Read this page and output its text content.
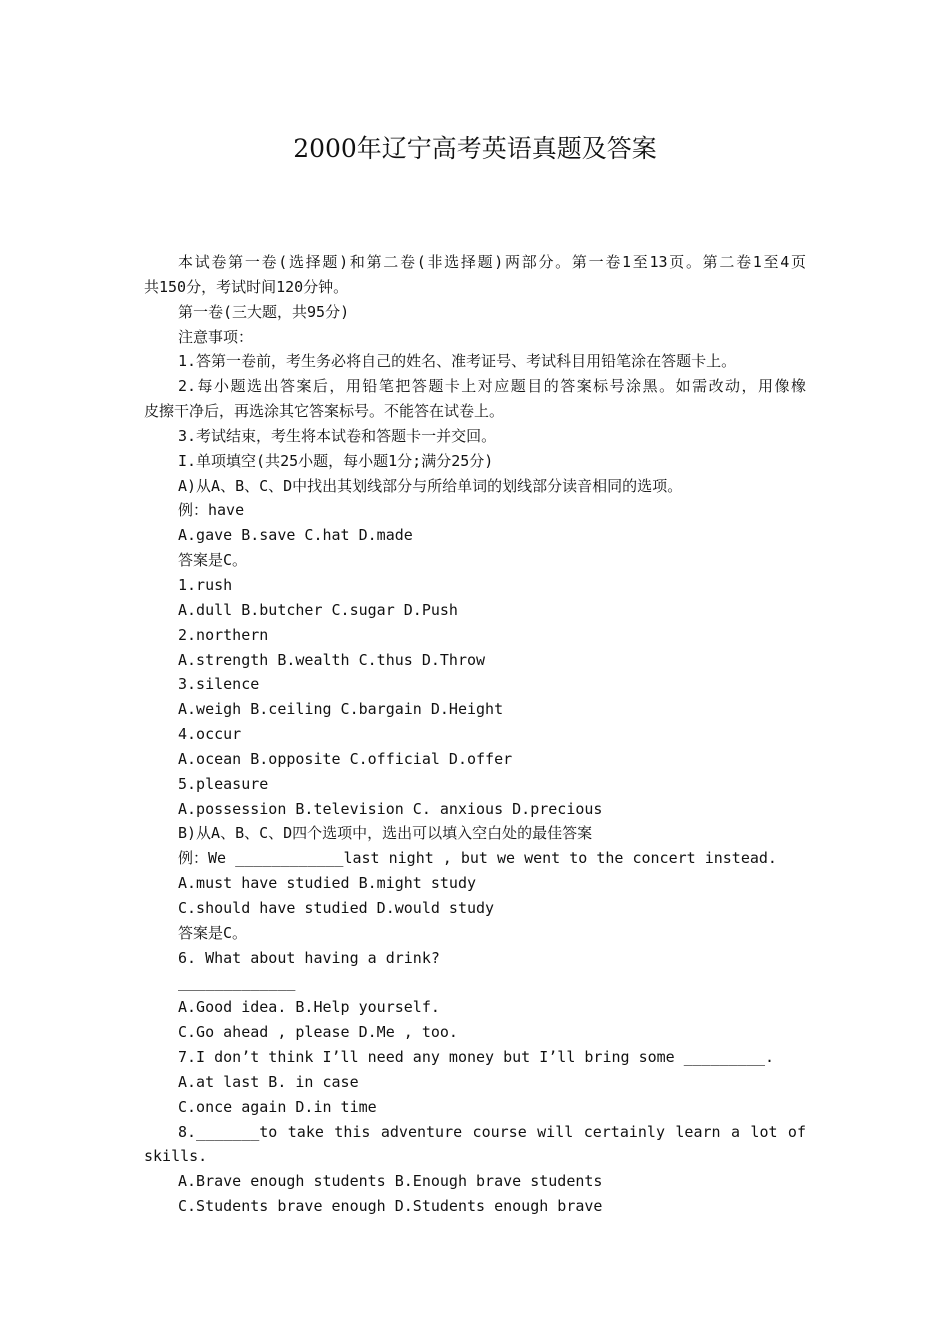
2000年辽宁高考英语真题及答案
本试卷第一卷(选择题)和第二卷(非选择题)两部分。第一卷1至13页。第二卷1至4页
共150分，考试时间120分钟。
第一卷(三大题，共95分)
注意事项：
1.答第一卷前，考生务必将自己的姓名、准考证号、考试科目用铅笔涂在答题卡上。
2.每小题选出答案后，用铅笔把答题卡上对应题目的答案标号涂黑。如需改动，用像橡
皮擦干净后，再选涂其它答案标号。不能答在试卷上。
3.考试结束，考生将本试卷和答题卡一并交回。
I.单项填空(共25小题，每小题1分;满分25分)
A)从A、B、C、D中找出其划线部分与所给单词的划线部分读音相同的选项。
例：have
A.gave B.save C.hat D.made
答案是C。
1.rush
A.dull B.butcher C.sugar D.Push
2.northern
A.strength B.wealth C.thus D.Throw
3.silence
A.weigh B.ceiling C.bargain D.Height
4.occur
A.ocean B.opposite C.official D.offer
5.pleasure
A.possession B.television C. anxious D.precious
B)从A、B、C、D四个选项中，选出可以填入空白处的最佳答案
例：We ____________last night , but we went to the concert instead.
A.must have studied B.might study
C.should have studied D.would study
答案是C。
6. What about having a drink?
_____________
A.Good idea. B.Help yourself.
C.Go ahead , please D.Me , too.
7.I don’t think I’ll need any money but I’ll bring some _________.
A.at last B. in case
C.once again D.in time
8._______to take this adventure course will certainly learn a lot of
skills.
A.Brave enough students B.Enough brave students
C.Students brave enough D.Students enough brave
